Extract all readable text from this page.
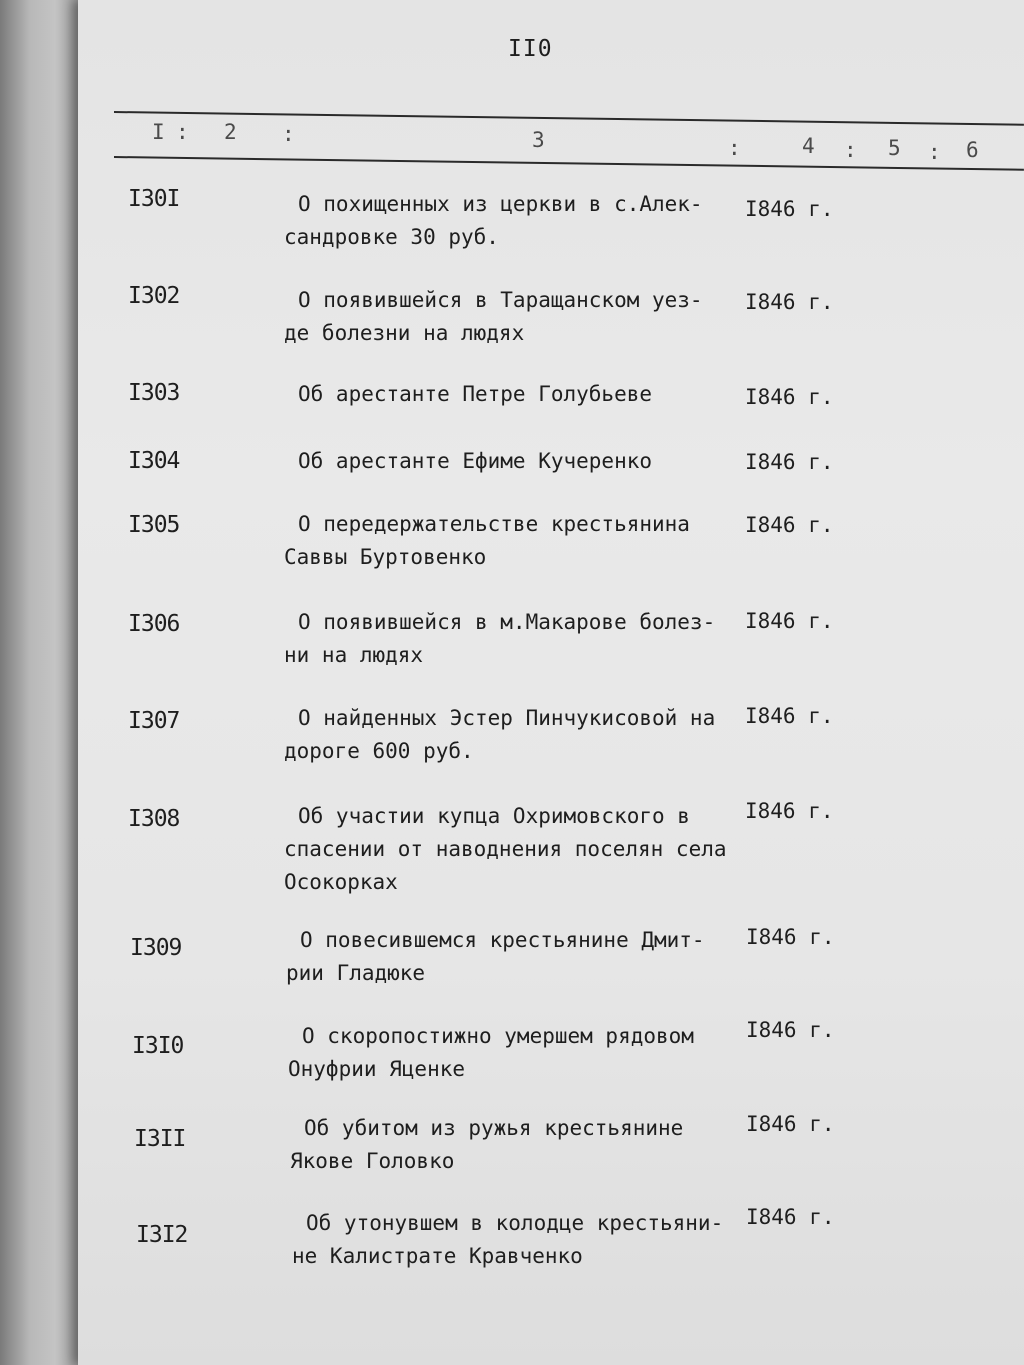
II0
I : 2 :	3	:	4 : 5 : 6
I30I	О похищенных из церкви в с.Алек-
сандровке 30 руб.
I846 г.
I302	О появившейся в Таращанском уез-
де болезни на людях
I846 г.
I303	Об арестанте Петре Голубьеве	I846 г.
I304	Об арестанте Ефиме Кучеренко	I846 г.
I305	О передержательстве крестьянина
Саввы Буртовенко
I846 г.
I306	О появившейся в м.Макарове болез-
ни на людях
I846 г.
I307	О найденных Эстер Пинчукисовой на
дороге 600 руб.
I846 г.
I308	Об участии купца Охримовского в
спасении от наводнения поселян села
Осокорках
I846 г.
I309	О повесившемся крестьянине Дмит-
рии Гладюке
I846 г.
I3I0	О скоропостижно умершем рядовом
Онуфрии Яценке
I846 г.
I3II	Об убитом из ружья крестьянине
Якове Головко
I846 г.
I3I2	Об утонувшем в колодце крестьяни-
не Калистрате Кравченко
I846 г.
